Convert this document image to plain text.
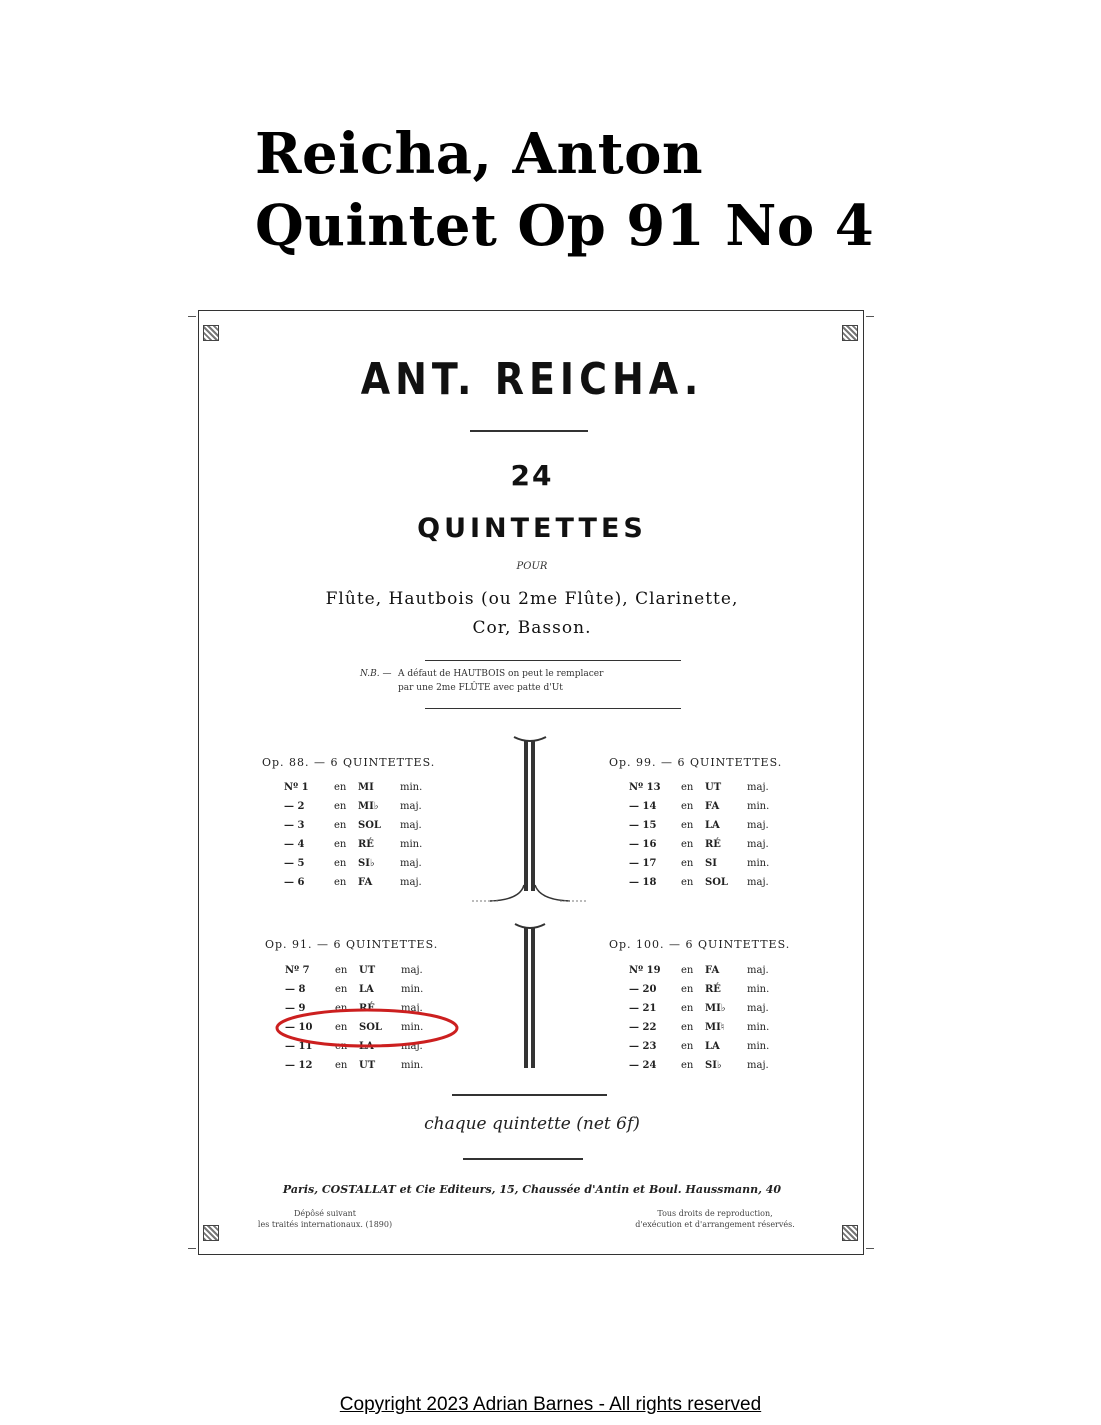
Reicha, Anton
Quintet Op 91 No 4
ANT. REICHA.
24
QUINTETTES
POUR
Flûte, Hautbois (ou 2me Flûte), Clarinette,
Cor, Basson.
N.B. — A défaut de HAUTBOIS on peut le remplacer
par une 2me FLÛTE avec patte d'Ut
Op. 88. — 6 QUINTETTES.
Nº 1	en MI	min.
— 2	en MI♭ maj.
— 3	en SOL maj.
— 4	en RÉ	min.
— 5	en SI♭	maj.
— 6	en FA	maj.
Op. 99. — 6 QUINTETTES.
Nº 13 en UT	maj.
— 14 en FA	min.
— 15 en LA	maj.
— 16 en RÉ	maj.
— 17 en SI	min.
— 18 en SOL maj.
Op. 91. — 6 QUINTETTES.
Nº 7	en UT	maj.
— 8	en LA	min.
— 9	en RÉ	maj.
— 10 en SOL min.
— 11 en LA	maj.
— 12 en UT	min.
Op. 100. — 6 QUINTETTES.
Nº 19 en FA	maj.
— 20 en RÉ	min.
— 21 en MI♭ maj.
— 22 en MI♮ min.
— 23 en LA	min.
— 24 en SI♭	maj.
chaque quintette (net 6f)
Paris, COSTALLAT et Cie Editeurs, 15, Chaussée d'Antin et Boul. Haussmann, 40
Dépôsé suivant
les traités internationaux. (1890)
Tous droits de reproduction,
d'exécution et d'arrangement réservés.
Copyright 2023 Adrian Barnes - All rights reserved
